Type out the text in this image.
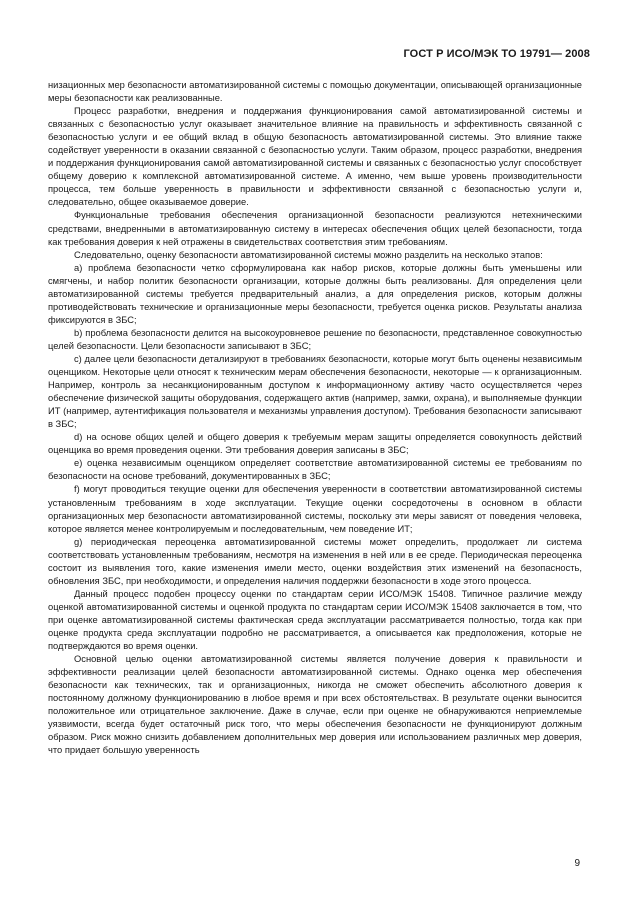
ГОСТ Р ИСО/МЭК ТО 19791— 2008

низационных мер безопасности автоматизированной системы с помощью документации, описывающей организационные меры безопасности как реализованные.

Процесс разработки, внедрения и поддержания функционирования самой автоматизированной системы и связанных с безопасностью услуг оказывает значительное влияние на правильность и эффективность связанной с безопасностью услуги и ее общий вклад в общую безопасность автоматизированной системы. Это влияние также содействует уверенности в оказании связанной с безопасностью услуги. Таким образом, процесс разработки, внедрения и поддержания функционирования самой автоматизированной системы и связанных с безопасностью услуг способствует общему доверию к комплексной автоматизированной системе. А именно, чем выше уровень производительности процесса, тем больше уверенность в правильности и эффективности связанной с безопасностью услуги и, следовательно, общее оказываемое доверие.

Функциональные требования обеспечения организационной безопасности реализуются нетехническими средствами, внедренными в автоматизированную систему в интересах обеспечения общих целей безопасности, тогда как требования доверия к ней отражены в свидетельствах соответствия этим требованиям.

Следовательно, оценку безопасности автоматизированной системы можно разделить на несколько этапов:

a) проблема безопасности четко сформулирована как набор рисков, которые должны быть уменьшены или смягчены, и набор политик безопасности организации, которые должны быть реализованы. Для определения цели автоматизированной системы требуется предварительный анализ, а для определения рисков, которым должны противодействовать технические и организационные меры безопасности, требуется оценка рисков. Результаты анализа фиксируются в ЗБС;

b) проблема безопасности делится на высокоуровневое решение по безопасности, представленное совокупностью целей безопасности. Цели безопасности записывают в ЗБС;

c) далее цели безопасности детализируют в требованиях безопасности, которые могут быть оценены независимым оценщиком. Некоторые цели относят к техническим мерам обеспечения безопасности, некоторые — к организационным. Например, контроль за несанкционированным доступом к информационному активу часто осуществляется через обеспечение физической защиты оборудования, содержащего актив (например, замки, охрана), и выполняемые функции ИТ (например, аутентификация пользователя и механизмы управления доступом). Требования безопасности записывают в ЗБС;

d) на основе общих целей и общего доверия к требуемым мерам защиты определяется совокупность действий оценщика во время проведения оценки. Эти требования доверия записаны в ЗБС;

e) оценка независимым оценщиком определяет соответствие автоматизированной системы ее требованиям по безопасности на основе требований, документированных в ЗБС;

f) могут проводиться текущие оценки для обеспечения уверенности в соответствии автоматизированной системы установленным требованиям в ходе эксплуатации. Текущие оценки сосредоточены в основном в области организационных мер безопасности автоматизированной системы, поскольку эти меры зависят от поведения человека, которое является менее контролируемым и последовательным, чем поведение ИТ;

g) периодическая переоценка автоматизированной системы может определить, продолжает ли система соответствовать установленным требованиям, несмотря на изменения в ней или в ее среде. Периодическая переоценка состоит из выявления того, какие изменения имели место, оценки воздействия этих изменений на безопасность, обновления ЗБС, при необходимости, и определения наличия поддержки безопасности в ходе этого процесса.

Данный процесс подобен процессу оценки по стандартам серии ИСО/МЭК 15408. Типичное различие между оценкой автоматизированной системы и оценкой продукта по стандартам серии ИСО/МЭК 15408 заключается в том, что при оценке автоматизированной системы фактическая среда эксплуатации рассматривается полностью, тогда как при оценке продукта среда эксплуатации подробно не рассматривается, а описывается как предположения, которые не подтверждаются во время оценки.

Основной целью оценки автоматизированной системы является получение доверия к правильности и эффективности реализации целей безопасности автоматизированной системы. Однако оценка мер обеспечения безопасности как технических, так и организационных, никогда не сможет обеспечить абсолютного доверия к постоянному должному функционированию в любое время и при всех обстоятельствах. В результате оценки выносится положительное или отрицательное заключение. Даже в случае, если при оценке не обнаруживаются неприемлемые уязвимости, всегда будет остаточный риск того, что меры обеспечения безопасности не функционируют должным образом. Риск можно снизить добавлением дополнительных мер доверия или использованием различных мер доверия, что придает большую уверенность

9
